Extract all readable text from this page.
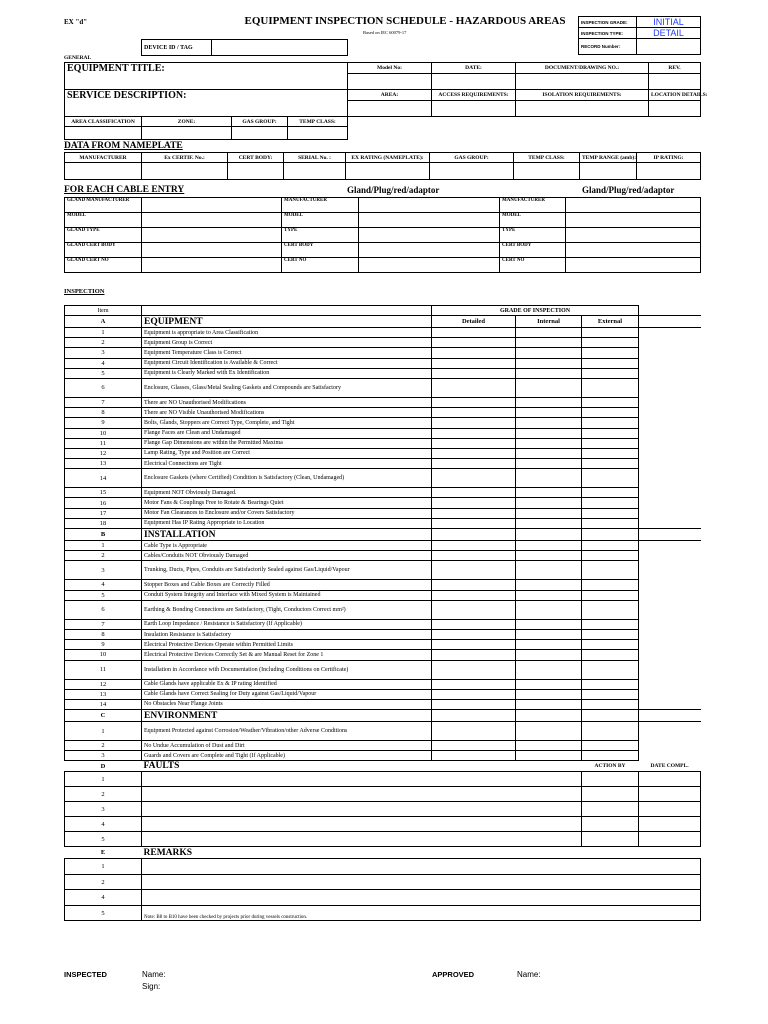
EX "d"	EQUIPMENT INSPECTION SCHEDULE - HAZARDOUS AREAS
Based on IEC 60079-17
INSPECTION GRADE:	INITIAL
INSPECTION TYPE:	DETAIL
RECORD Number:	
DEVICE ID / TAG	
GENERAL
EQUIPMENT TITLE:	Model No:	DATE:	DOCUMENT/DRAWING NO.:	REV.

SERVICE DESCRIPTION:	AREA:	ACCESS REQUIREMENTS:	ISOLATION REQUIREMENTS:	LOCATION DETAILS:

AREA CLASSIFICATION	ZONE:	GAS GROUP:	TEMP CLASS:

DATA FROM NAMEPLATE
MANUFACTURER	Ex CERTIF. No.:	CERT BODY:	SERIAL No. :	EX RATING (NAMEPLATE):	GAS GROUP:	TEMP CLASS:	TEMP RANGE (amb):	IP RATING:

FOR EACH CABLE ENTRY	Gland/Plug/red/adaptor	Gland/Plug/red/adaptor
GLAND MANUFACTURER		MANUFACTURER		MANUFACTURER	
MODEL		MODEL		MODEL	
GLAND TYPE		TYPE		TYPE	
GLAND CERT BODY		CERT BODY		CERT BODY	
GLAND CERT NO		CERT NO		CERT NO	
INSPECTION
Item		GRADE OF INSPECTION			
A	EQUIPMENT	Detailed	Internal	External	
1	Equipment is appropriate to Area Classification				
2	Equipment Group is Correct				
3	Equipment Temperature Class is Correct				
4	Equipment Circuit Identification is Available & Correct				
5	Equipment is Clearly Marked with Ex Identification				
6	Enclosure, Glasses, Glass/Metal Sealing Gaskets and Compounds are Satisfactory				
7	There are NO Unauthorised Modifications				
8	There are NO Visible Unauthorised Modifications				
9	Bolts, Glands, Stoppers are Correct Type, Complete, and Tight				
10	Flange Faces are Clean and Undamaged				
11	Flange Gap Dimensions are within the Permitted Maxima				
12	Lamp Rating, Type and Position are Correct				
13	Electrical Connections are Tight				
14	Enclosure Gaskets (where Certified) Condition is Satisfactory (Clean, Undamaged)				
15	Equipment NOT Obviously Damaged.				
16	Motor Fans & Couplings Free to Rotate & Bearings Quiet				
17	Motor Fan Clearances to Enclosure and/or Covers Satisfactory				
18	Equipment Has IP Rating Appropriate to Location				
B	INSTALLATION				
1	Cable Type is Appropriate				
2	Cables/Conduits NOT Obviously Damaged				
3	Trunking, Ducts, Pipes, Conduits are Satisfactorily Sealed against Gas/Liquid/Vapour				
4	Stopper Boxes and Cable Boxes are Correctly Filled				
5	Conduit System Integrity and Interface with Mixed System is Maintained				
6	Earthing & Bonding Connections are Satisfactory, (Tight, Conductors Correct mm²)				
7	Earth Loop Impedance / Resistance is Satisfactory (If Applicable)				
8	Insulation Resistance is Satisfactory				
9	Electrical Protective Devices Operate within Permitted Limits				
10	Electrical Protective Devices Correctly Set & are Manual Reset for Zone 1				
11	Installation in Accordance with Documentation (Including Conditions on Certificate)				
12	Cable Glands have applicable Ex & IP rating Identified				
13	Cable Glands have Correct Sealing for Duty against Gas/Liquid/Vapour				
14	No Obstacles Near Flange Joints				
C	ENVIRONMENT				
1	Equipment Protected against Corrosion/Weather/Vibration/other Adverse Conditions				
2	No Undue Accumulation of Dust and Dirt				
3	Guards and Covers are Complete and Tight (If Applicable)				
D	FAULTS			ACTION BY	DATE COMPL.
1					
2					
3					
4					
5					
E	REMARKS				
1					
2					
4					
5	Note: B8 to B10 have been checked by projects prior during vessels construction.				
INSPECTED	Name:
Sign:
APPROVED	Name:
